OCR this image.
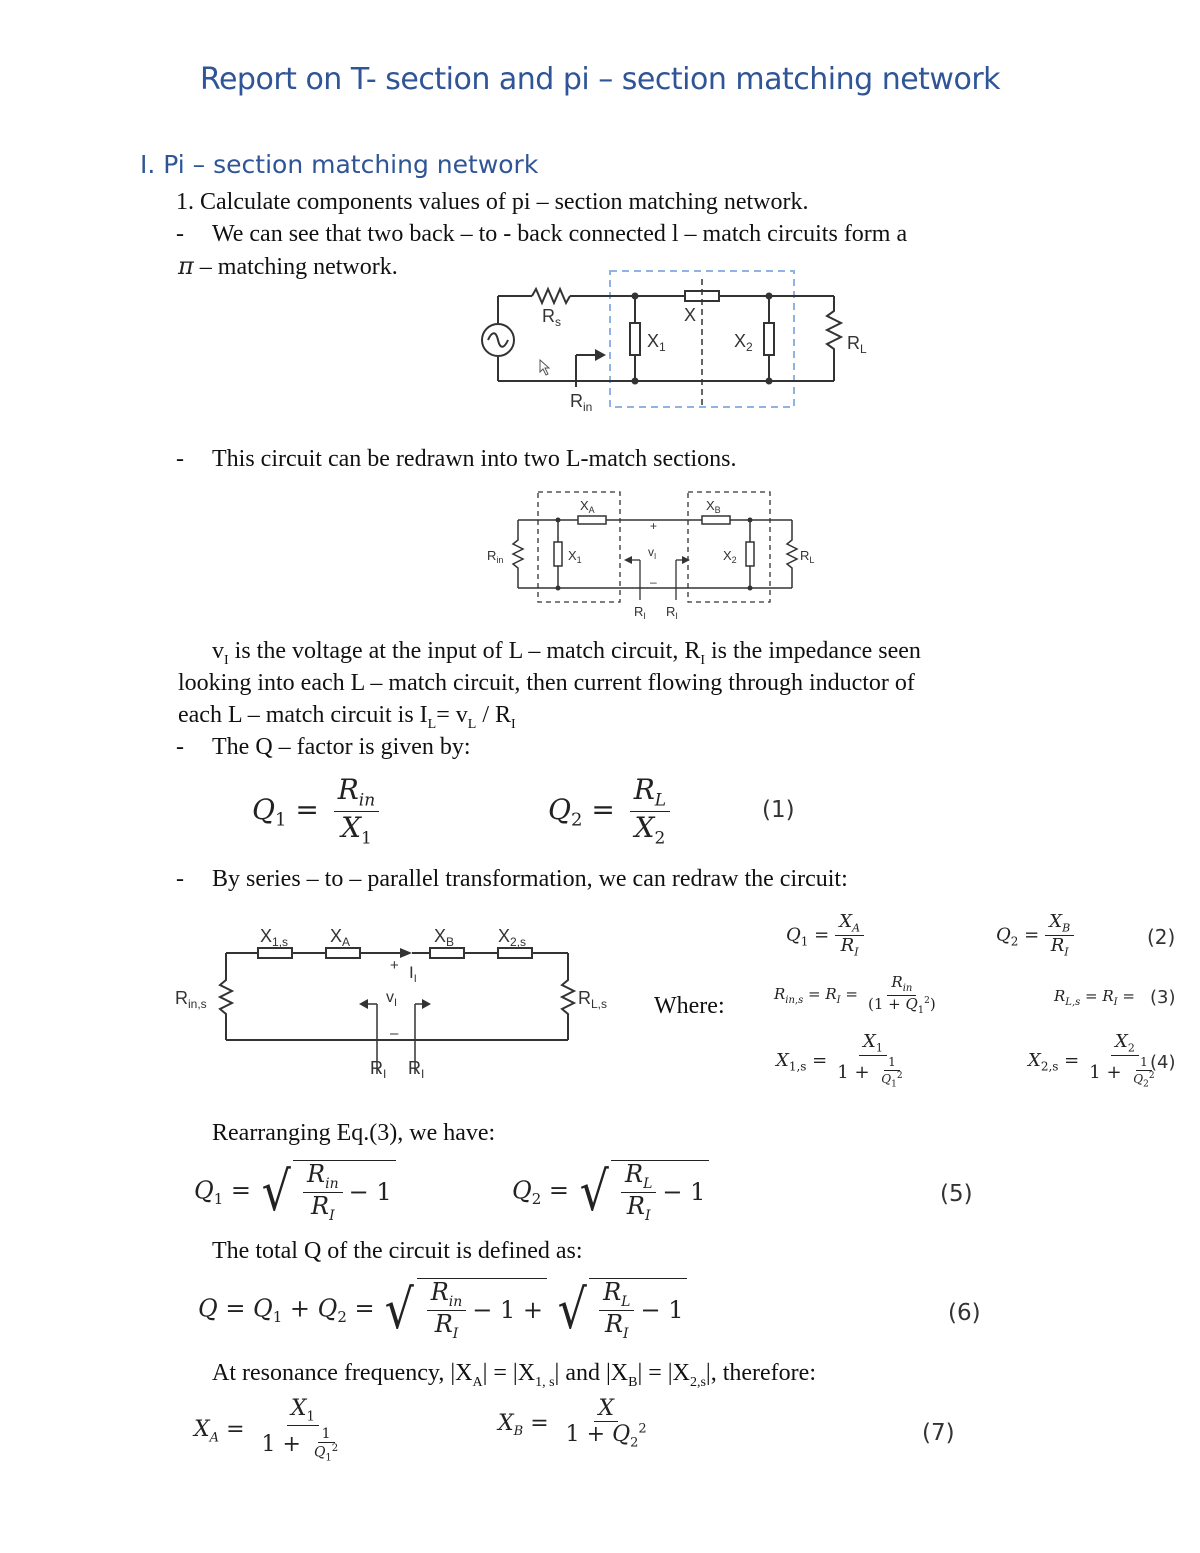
Report on T- section and pi – section matching network
I. Pi – section matching network
1. Calculate components values of pi – section matching network.
- We can see that two back – to - back connected l – match circuits form a
π – matching network.
$R_s$	X
$X_1$	$X_2$	$R_L$
$R_{in}$
- This circuit can be redrawn into two L-match sections.
$X_A$	$X_B$
$R_{in}$	$X_1$	$X_2$	$R_L$
$v_I$
+
–
$R_I$ $R_I$
$v_I$ is the voltage at the input of L – match circuit, $R_I$ is the impedance seen
looking into each L – match circuit, then current flowing through inductor of
each L – match circuit is $I_L= v_L / R_I$
- The Q – factor is given by:
$Q_1 = \frac{R_{in}}{X_1}$	$Q_2 = \frac{R_L}{X_2}$	(1)
- By series – to – parallel transformation, we can redraw the circuit:
$X_{1,s}$ $X_A$	$X_B$ $X_{2,s}$
$R_{in,s}$	$R_{L,s}$
$v_I$
$I_I$
+
–
$R_I$ $R_I$
Where:
$Q_1 = \frac{X_A}{R_I}$	$Q_2 = \frac{X_B}{R_I}$	(2)
$R_{in,s} = R_I = \frac{R_{in}}{(1 + Q_1^2)}$	$R_{L,s} = R_I = (3)$
$X_{1,s} = \frac{X_1}{1 + \frac{1}{Q_1^2}}$	$X_{2,s} = \frac{X_2}{1 + \frac{1}{Q_2^2}}$
(4)
Rearranging Eq.(3), we have:
$Q_1$ = √ $\frac{R_{in}}{R_I} - 1$	$Q_2$ = √ $\frac{R_L}{R_I} - 1$	(5)
The total Q of the circuit is defined as:
$Q = Q_1 + Q_2$ = √ $\frac{R_{in}}{R_I} - 1$ +
√ $\frac{R_L}{R_I} - 1$	(6)
At resonance frequency, $|X_A| = |X_{1, s}|$ and $|X_B| = |X_{2,s}|$, therefore:
$X_A = \frac{X_1}{1 + \frac{1}{Q_1^2}}$	$X_B = \frac{X}{1 + Q_2^2}$	(7)
